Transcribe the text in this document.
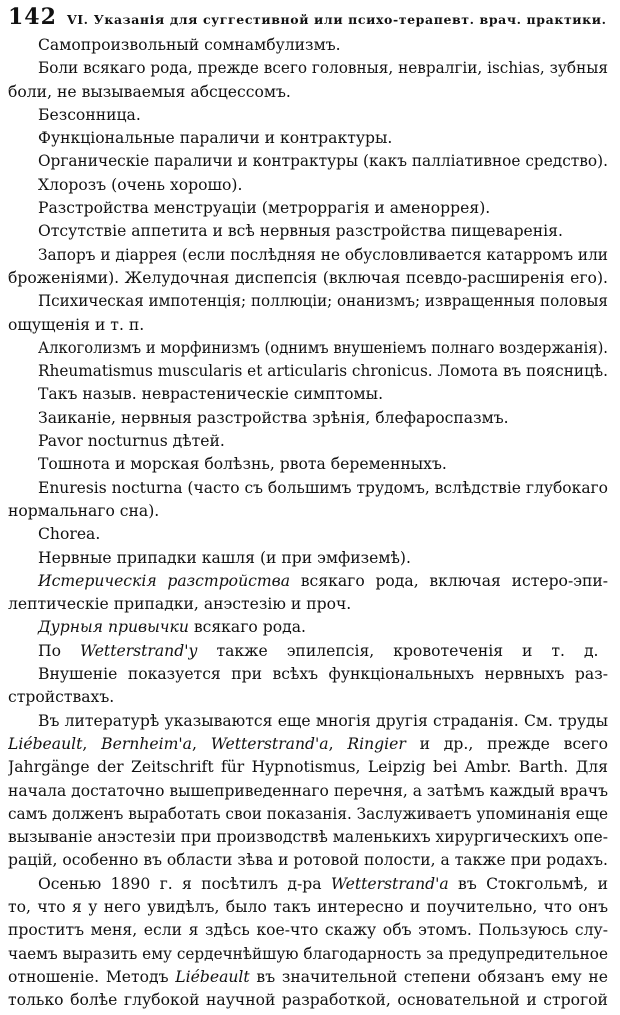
142 VI. Указанія для суггестивной или психо-терапевт. врач. практики.
Самопроизвольный сомнамбулизмъ.
Боли всякаго рода, прежде всего головныя, невралгіи, ischias, зубныя
боли, не вызываемыя абсцессомъ.
Безсонница.
Функціональные параличи и контрактуры.
Органическіе параличи и контрактуры (какъ палліативное средство).
Хлорозъ (очень хорошо).
Разстройства менструаціи (метроррагія и аменоррея).
Отсутствіе аппетита и всѣ нервныя разстройства пищеваренія.
Запоръ и діаррея (если послѣдняя не обусловливается катарромъ или
броженіями). Желудочная диспепсія (включая псевдо-расширенія его).
Психическая импотенція; поллюціи; онанизмъ; извращенныя половыя
ощущенія и т. п.
Алкоголизмъ и морфинизмъ (однимъ внушеніемъ полнаго воздержанія).
Rheumatismus muscularis et articularis chronicus. Ломота въ поясницѣ.
Такъ назыв. неврастеническіе симптомы.
Заиканіе, нервныя разстройства зрѣнія, блефароспазмъ.
Pavor nocturnus дѣтей.
Тошнота и морская болѣзнь, рвота беременныхъ.
Enuresis nocturna (часто съ большимъ трудомъ, вслѣдствіе глубокаго
нормальнаго сна).
Chorea.
Нервные припадки кашля (и при эмфиземѣ).
Истерическія разстройства всякаго рода, включая истеро-эпи-
лептическіе припадки, анэстезію и проч.
Дурныя привычки всякаго рода.
По Wetterstrand'у также эпилепсія, кровотеченія и т. д.
Внушеніе показуется при всѣхъ функціональныхъ нервныхъ раз-
стройствахъ.
Въ литературѣ указываются еще многія другія страданія. См. труды
Liébeault, Bernheim'a, Wetterstrand'a, Ringier и др., прежде всего
Jahrgänge der Zeitschrift für Hypnotismus, Leipzig bei Ambr. Barth. Для
начала достаточно вышеприведеннаго перечня, а затѣмъ каждый врачъ
самъ долженъ выработать свои показанія. Заслуживаетъ упоминанія еще
вызываніе анэстезіи при производствѣ маленькихъ хирургическихъ опе-
рацій, особенно въ области зѣва и ротовой полости, а также при родахъ.
Осенью 1890 г. я посѣтилъ д-ра Wetterstrand'a въ Стокгольмѣ, и
то, что я у него увидѣлъ, было такъ интересно и поучительно, что онъ
проститъ меня, если я здѣсь кое-что скажу объ этомъ. Пользуюсь слу-
чаемъ выразить ему сердечнѣйшую благодарность за предупредительное
отношеніе. Методъ Liébeault въ значительной степени обязанъ ему не
только болѣе глубокой научной разработкой, основательной и строгой
